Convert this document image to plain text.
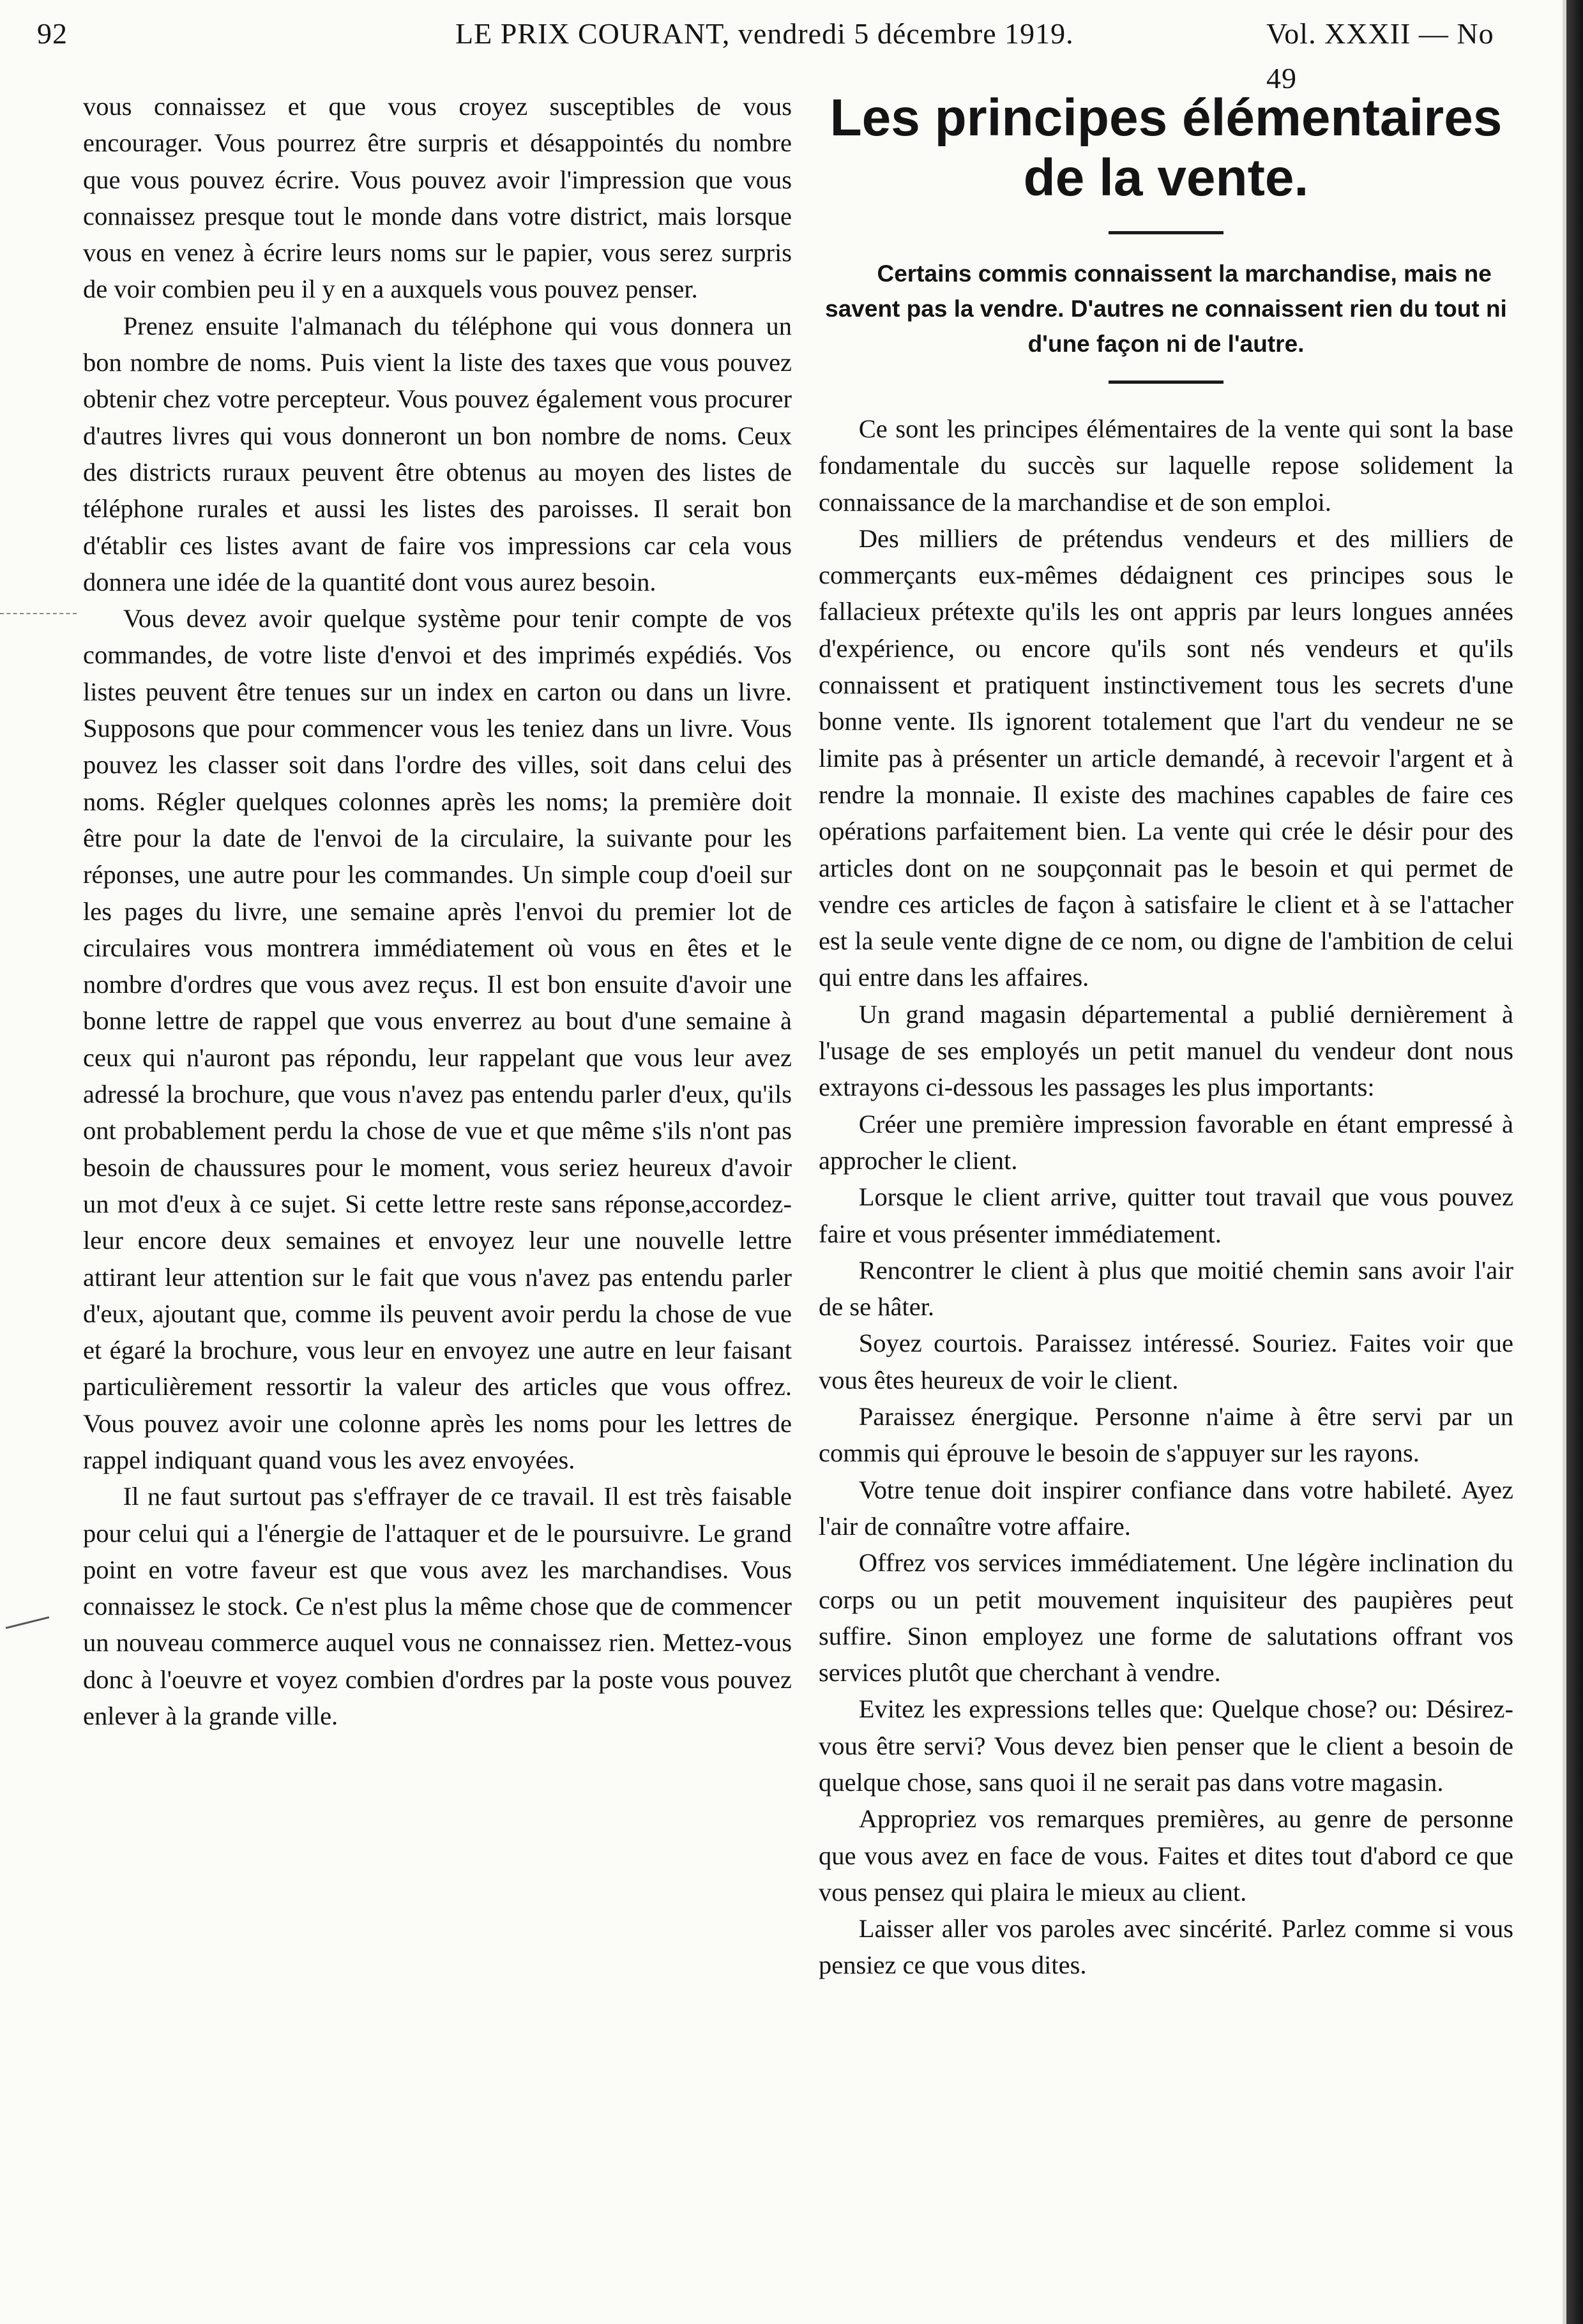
92	LE PRIX COURANT, vendredi 5 décembre 1919.	Vol. XXXII — No 49

vous connaissez et que vous croyez susceptibles de vous encourager. Vous pourrez être surpris et désappointés du nombre que vous pouvez écrire. Vous pouvez avoir l'impression que vous connaissez presque tout le monde dans votre district, mais lorsque vous en venez à écrire leurs noms sur le papier, vous serez surpris de voir combien peu il y en a auxquels vous pouvez penser.

Prenez ensuite l'almanach du téléphone qui vous donnera un bon nombre de noms. Puis vient la liste des taxes que vous pouvez obtenir chez votre percepteur. Vous pouvez également vous procurer d'autres livres qui vous donneront un bon nombre de noms. Ceux des districts ruraux peuvent être obtenus au moyen des listes de téléphone rurales et aussi les listes des paroisses. Il serait bon d'établir ces listes avant de faire vos impressions car cela vous donnera une idée de la quantité dont vous aurez besoin.

Vous devez avoir quelque système pour tenir compte de vos commandes, de votre liste d'envoi et des imprimés expédiés. Vos listes peuvent être tenues sur un index en carton ou dans un livre. Supposons que pour commencer vous les teniez dans un livre. Vous pouvez les classer soit dans l'ordre des villes, soit dans celui des noms. Régler quelques colonnes après les noms; la première doit être pour la date de l'envoi de la circulaire, la suivante pour les réponses, une autre pour les commandes. Un simple coup d'oeil sur les pages du livre, une semaine après l'envoi du premier lot de circulaires vous montrera immédiatement où vous en êtes et le nombre d'ordres que vous avez reçus. Il est bon ensuite d'avoir une bonne lettre de rappel que vous enverrez au bout d'une semaine à ceux qui n'auront pas répondu, leur rappelant que vous leur avez adressé la brochure, que vous n'avez pas entendu parler d'eux, qu'ils ont probablement perdu la chose de vue et que même s'ils n'ont pas besoin de chaussures pour le moment, vous seriez heureux d'avoir un mot d'eux à ce sujet. Si cette lettre reste sans réponse,accordez-leur encore deux semaines et envoyez leur une nouvelle lettre attirant leur attention sur le fait que vous n'avez pas entendu parler d'eux, ajoutant que, comme ils peuvent avoir perdu la chose de vue et égaré la brochure, vous leur en envoyez une autre en leur faisant particulièrement ressortir la valeur des articles que vous offrez. Vous pouvez avoir une colonne après les noms pour les lettres de rappel indiquant quand vous les avez envoyées.

Il ne faut surtout pas s'effrayer de ce travail. Il est très faisable pour celui qui a l'énergie de l'attaquer et de le poursuivre. Le grand point en votre faveur est que vous avez les marchandises. Vous connaissez le stock. Ce n'est plus la même chose que de commencer un nouveau commerce auquel vous ne connaissez rien. Mettez-vous donc à l'oeuvre et voyez combien d'ordres par la poste vous pouvez enlever à la grande ville.

Les principes élémentaires
de la vente.

Certains commis connaissent la marchandise, mais ne savent pas la vendre. D'autres ne connaissent rien du tout ni d'une façon ni de l'autre.

Ce sont les principes élémentaires de la vente qui sont la base fondamentale du succès sur laquelle repose solidement la connaissance de la marchandise et de son emploi.

Des milliers de prétendus vendeurs et des milliers de commerçants eux-mêmes dédaignent ces principes sous le fallacieux prétexte qu'ils les ont appris par leurs longues années d'expérience, ou encore qu'ils sont nés vendeurs et qu'ils connaissent et pratiquent instinctivement tous les secrets d'une bonne vente. Ils ignorent totalement que l'art du vendeur ne se limite pas à présenter un article demandé, à recevoir l'argent et à rendre la monnaie. Il existe des machines capables de faire ces opérations parfaitement bien. La vente qui crée le désir pour des articles dont on ne soupçonnait pas le besoin et qui permet de vendre ces articles de façon à satisfaire le client et à se l'attacher est la seule vente digne de ce nom, ou digne de l'ambition de celui qui entre dans les affaires.

Un grand magasin départemental a publié dernièrement à l'usage de ses employés un petit manuel du vendeur dont nous extrayons ci-dessous les passages les plus importants:

Créer une première impression favorable en étant empressé à approcher le client.

Lorsque le client arrive, quitter tout travail que vous pouvez faire et vous présenter immédiatement.

Rencontrer le client à plus que moitié chemin sans avoir l'air de se hâter.

Soyez courtois. Paraissez intéressé. Souriez. Faites voir que vous êtes heureux de voir le client.

Paraissez énergique. Personne n'aime à être servi par un commis qui éprouve le besoin de s'appuyer sur les rayons.

Votre tenue doit inspirer confiance dans votre habileté. Ayez l'air de connaître votre affaire.

Offrez vos services immédiatement. Une légère inclination du corps ou un petit mouvement inquisiteur des paupières peut suffire. Sinon employez une forme de salutations offrant vos services plutôt que cherchant à vendre.

Evitez les expressions telles que: Quelque chose? ou: Désirez-vous être servi? Vous devez bien penser que le client a besoin de quelque chose, sans quoi il ne serait pas dans votre magasin.

Appropriez vos remarques premières, au genre de personne que vous avez en face de vous. Faites et dites tout d'abord ce que vous pensez qui plaira le mieux au client.

Laisser aller vos paroles avec sincérité. Parlez comme si vous pensiez ce que vous dites.
